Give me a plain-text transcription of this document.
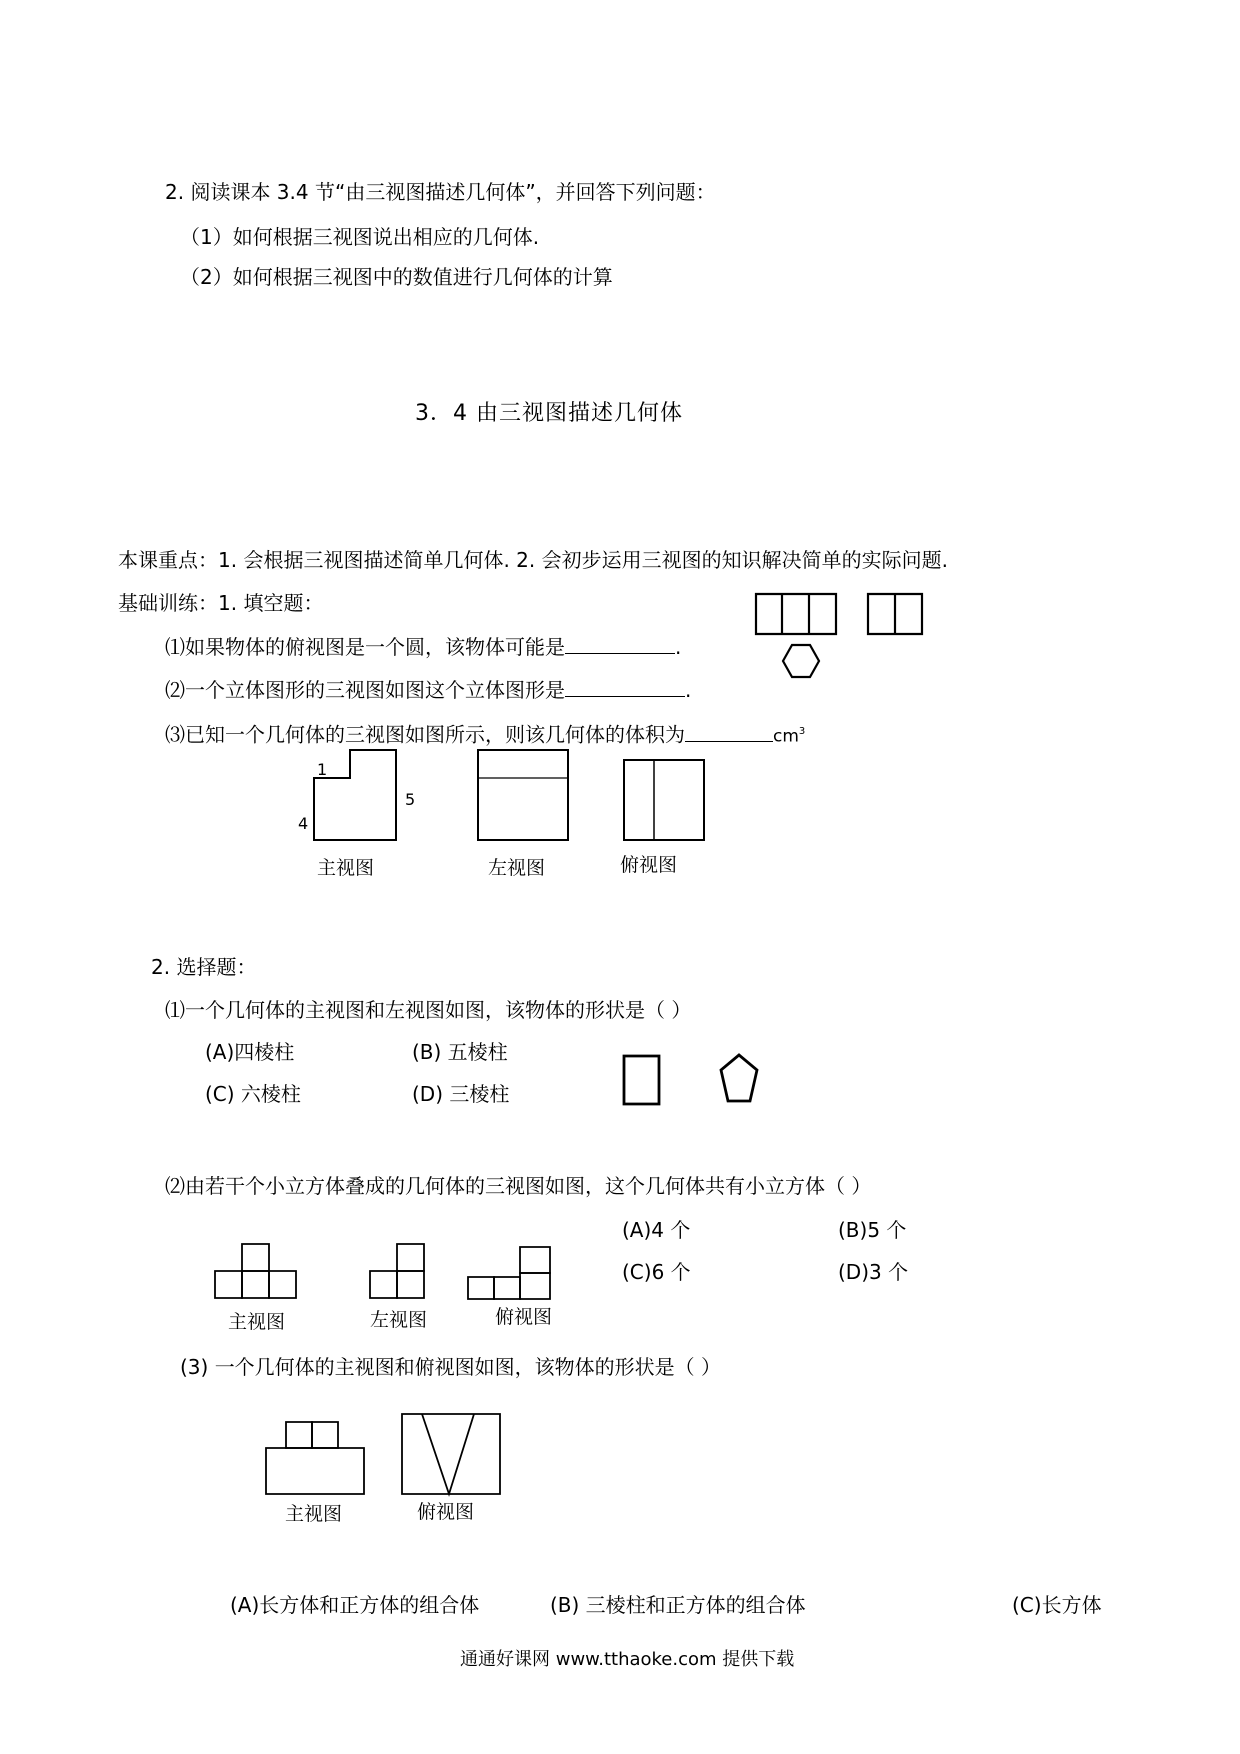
2. 阅读课本 3.4 节“由三视图描述几何体”，并回答下列问题：
（1）如何根据三视图说出相应的几何体.
（2）如何根据三视图中的数值进行几何体的计算
3．4 由三视图描述几何体
本课重点：1. 会根据三视图描述简单几何体. 2. 会初步运用三视图的知识解决简单的实际问题.
基础训练：1. 填空题：
⑴如果物体的俯视图是一个圆，该物体可能是	.
⑵一个立体图形的三视图如图这个立体图形是	.
⑶已知一个几何体的三视图如图所示，则该几何体的体积为	$cm^3$
1
5
4
主视图	左视图	俯视图
2. 选择题：
⑴一个几何体的主视图和左视图如图，该物体的形状是（ ）
(A)四棱柱	(B) 五棱柱
(C) 六棱柱	(D) 三棱柱
⑵由若干个小立方体叠成的几何体的三视图如图，这个几何体共有小立方体（ ）
(A)4 个	(B)5 个
(C)6 个	(D)3 个
主视图	左视图	俯视图
(3) 一个几何体的主视图和俯视图如图，该物体的形状是（ ）
主视图	俯视图
(A)长方体和正方体的组合体	(B) 三棱柱和正方体的组合体	(C)长方体
通通好课网 www.tthaoke.com 提供下载
